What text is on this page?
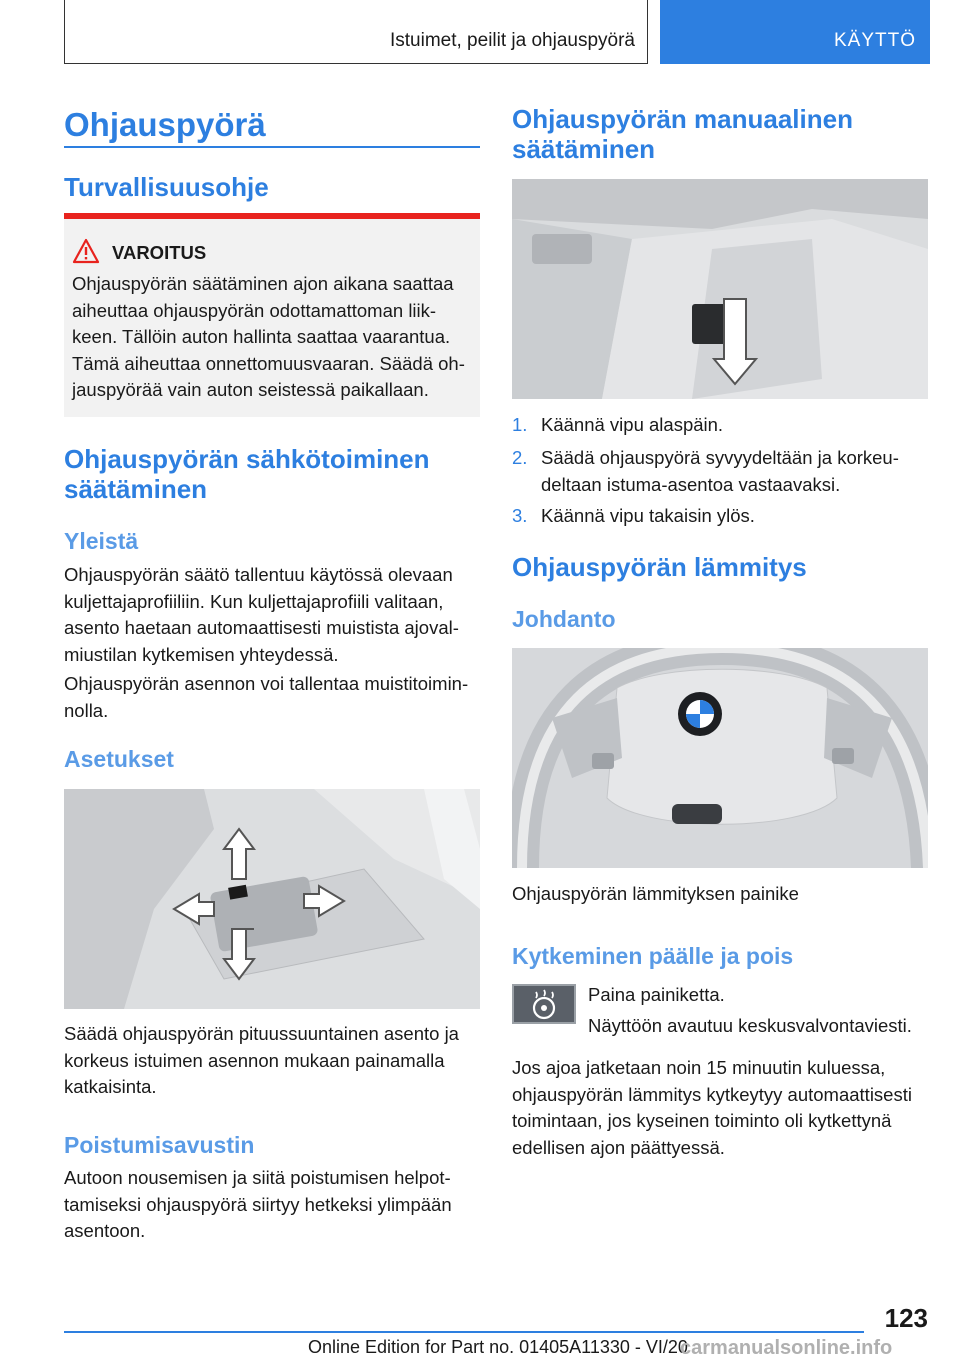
Istuimet, peilit ja ohjauspyörä	KÄYTTÖ
Ohjauspyörä
Turvallisuusohje
VAROITUS
Ohjauspyörän säätäminen ajon aikana saattaa
aiheuttaa ohjauspyörän odottamattoman liik-
keen. Tällöin auton hallinta saattaa vaarantua.
Tämä aiheuttaa onnettomuusvaaran. Säädä oh-
jauspyörää vain auton seistessä paikallaan.
Ohjauspyörän sähkötoiminen
säätäminen
Yleistä
Ohjauspyörän säätö tallentuu käytössä olevaan
kuljettajaprofiiliin. Kun kuljettajaprofiili valitaan,
asento haetaan automaattisesti muistista ajoval-
miustilan kytkemisen yhteydessä.
Ohjauspyörän asennon voi tallentaa muistitoimin-
nolla.
Asetukset
Säädä ohjauspyörän pituussuuntainen asento ja
korkeus istuimen asennon mukaan painamalla
katkaisinta.
Poistumisavustin
Autoon nousemisen ja siitä poistumisen helpot-
tamiseksi ohjauspyörä siirtyy hetkeksi ylimpään
asentoon.
Ohjauspyörän manuaalinen
säätäminen
1. Käännä vipu alaspäin.
2. Säädä ohjauspyörä syvyydeltään ja korkeu-
deltaan istuma-asentoa vastaavaksi.
3. Käännä vipu takaisin ylös.
Ohjauspyörän lämmitys
Johdanto
Ohjauspyörän lämmityksen painike
Kytkeminen päälle ja pois
Paina painiketta.
Näyttöön avautuu keskusvalvontaviesti.
Jos ajoa jatketaan noin 15 minuutin kuluessa,
ohjauspyörän lämmitys kytkeytyy automaattisesti
toimintaan, jos kyseinen toiminto oli kytkettynä
edellisen ajon päättyessä.
123
Online Edition for Part no. 01405A11330 - VI/20
carmanualsonline.info
